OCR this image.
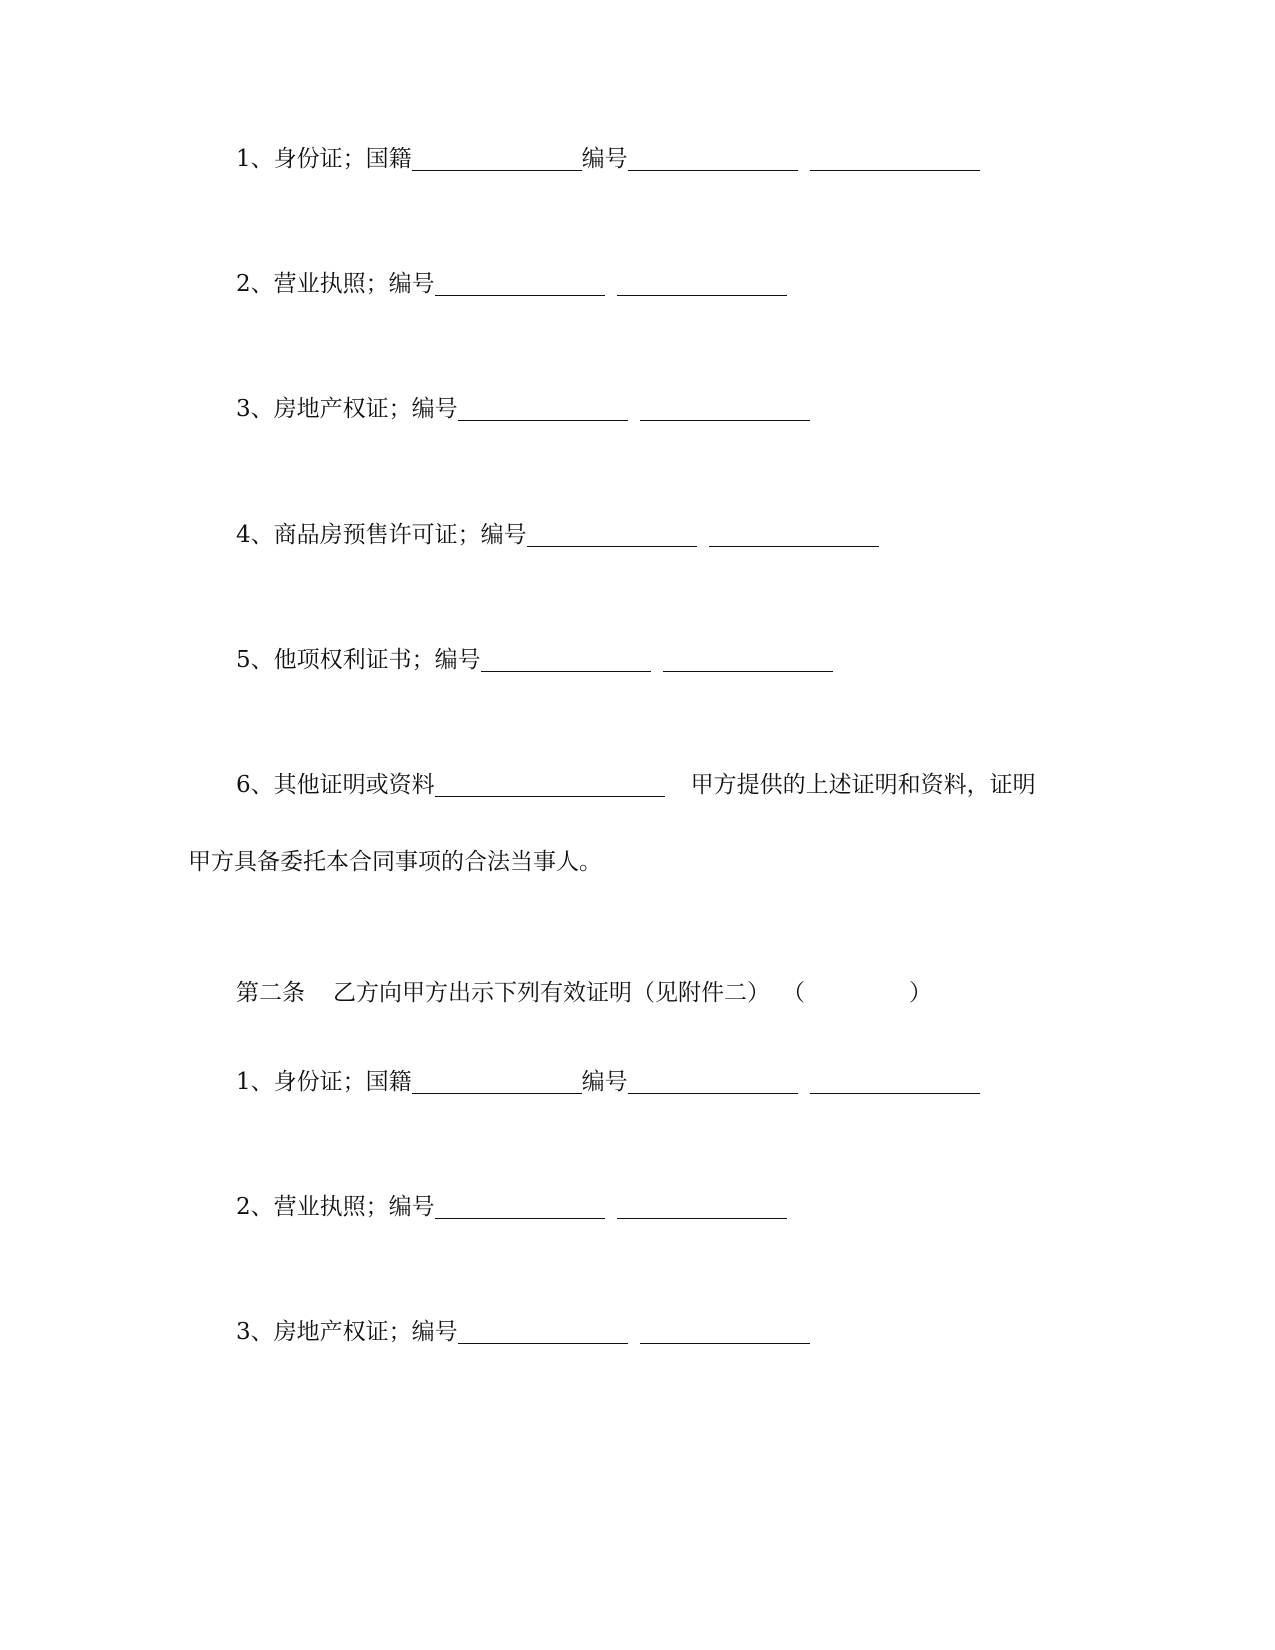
1、身份证；国籍	编号
2、营业执照；编号
3、房地产权证；编号
4、商品房预售许可证；编号
5、他项权利证书；编号
6、其他证明或资料	甲方提供的上述证明和资料，证明
甲方具备委托本合同事项的合法当事人。
第二条 乙方向甲方出示下列有效证明（见附件二） （	）
1、身份证；国籍	编号
2、营业执照；编号
3、房地产权证；编号
